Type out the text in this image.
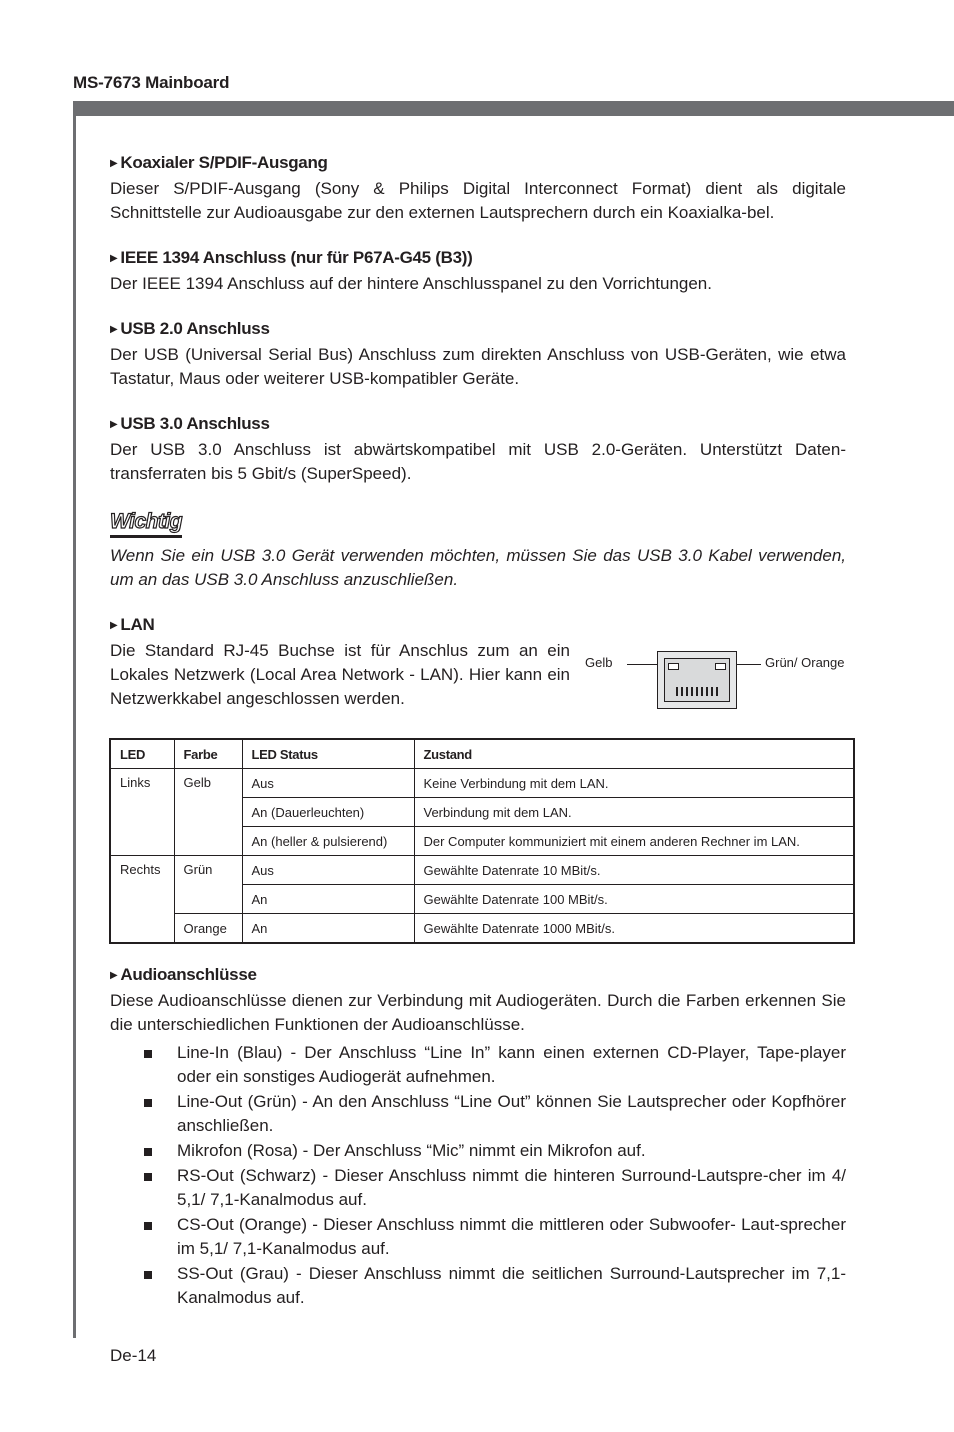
MS-7673 Mainboard

▶ Koaxialer S/PDIF-Ausgang

Dieser S/PDIF-Ausgang (Sony & Philips Digital Interconnect Format) dient als digitale Schnittstelle zur Audioausgabe zur den externen Lautsprechern durch ein Koaxialka-bel.

▶ IEEE 1394 Anschluss (nur für P67A-G45 (B3))

Der IEEE 1394 Anschluss auf der hintere Anschlusspanel zu den Vorrichtungen.

▶ USB 2.0 Anschluss

Der USB (Universal Serial Bus) Anschluss zum direkten Anschluss von USB-Geräten, wie etwa Tastatur, Maus oder weiterer USB-kompatibler Geräte.

▶ USB 3.0 Anschluss

Der USB 3.0 Anschluss ist abwärtskompatibel mit USB 2.0-Geräten. Unterstützt Daten-transferraten bis 5 Gbit/s (SuperSpeed).

Wichtig

Wenn Sie ein USB 3.0 Gerät verwenden möchten, müssen Sie das USB 3.0 Kabel verwenden, um an das USB 3.0 Anschluss anzuschließen.

▶ LAN

Die Standard RJ-45 Buchse ist für Anschlus zum an ein Lokales Netzwerk (Local Area Network - LAN). Hier kann ein Netzwerkkabel angeschlossen werden.

Gelb	Grün/ Orange
LED	Farbe	LED Status	Zustand
Links	Gelb	Aus	Keine Verbindung mit dem LAN.
		An (Dauerleuchten)	Verbindung mit dem LAN.
		An (heller & pulsierend)	Der Computer kommuniziert mit einem anderen Rechner im LAN.
Rechts	Grün	Aus	Gewählte Datenrate 10 MBit/s.
		An	Gewählte Datenrate 100 MBit/s.
	Orange	An	Gewählte Datenrate 1000 MBit/s.

▶ Audioanschlüsse

Diese Audioanschlüsse dienen zur Verbindung mit Audiogeräten. Durch die Farben erkennen Sie die unterschiedlichen Funktionen der Audioanschlüsse.

Line-In (Blau) - Der Anschluss “Line In” kann einen externen CD-Player, Tape-player oder ein sonstiges Audiogerät aufnehmen.
Line-Out (Grün) - An den Anschluss “Line Out” können Sie Lautsprecher oder Kopfhörer anschließen.
Mikrofon (Rosa) - Der Anschluss “Mic” nimmt ein Mikrofon auf.
RS-Out (Schwarz) - Dieser Anschluss nimmt die hinteren Surround-Lautspre-cher im 4/ 5,1/ 7,1-Kanalmodus auf.
CS-Out (Orange) - Dieser Anschluss nimmt die mittleren oder Subwoofer- Laut-sprecher im 5,1/ 7,1-Kanalmodus auf.
SS-Out (Grau) - Dieser Anschluss nimmt die seitlichen Surround-Lautsprecher im 7,1-Kanalmodus auf.
De-14
